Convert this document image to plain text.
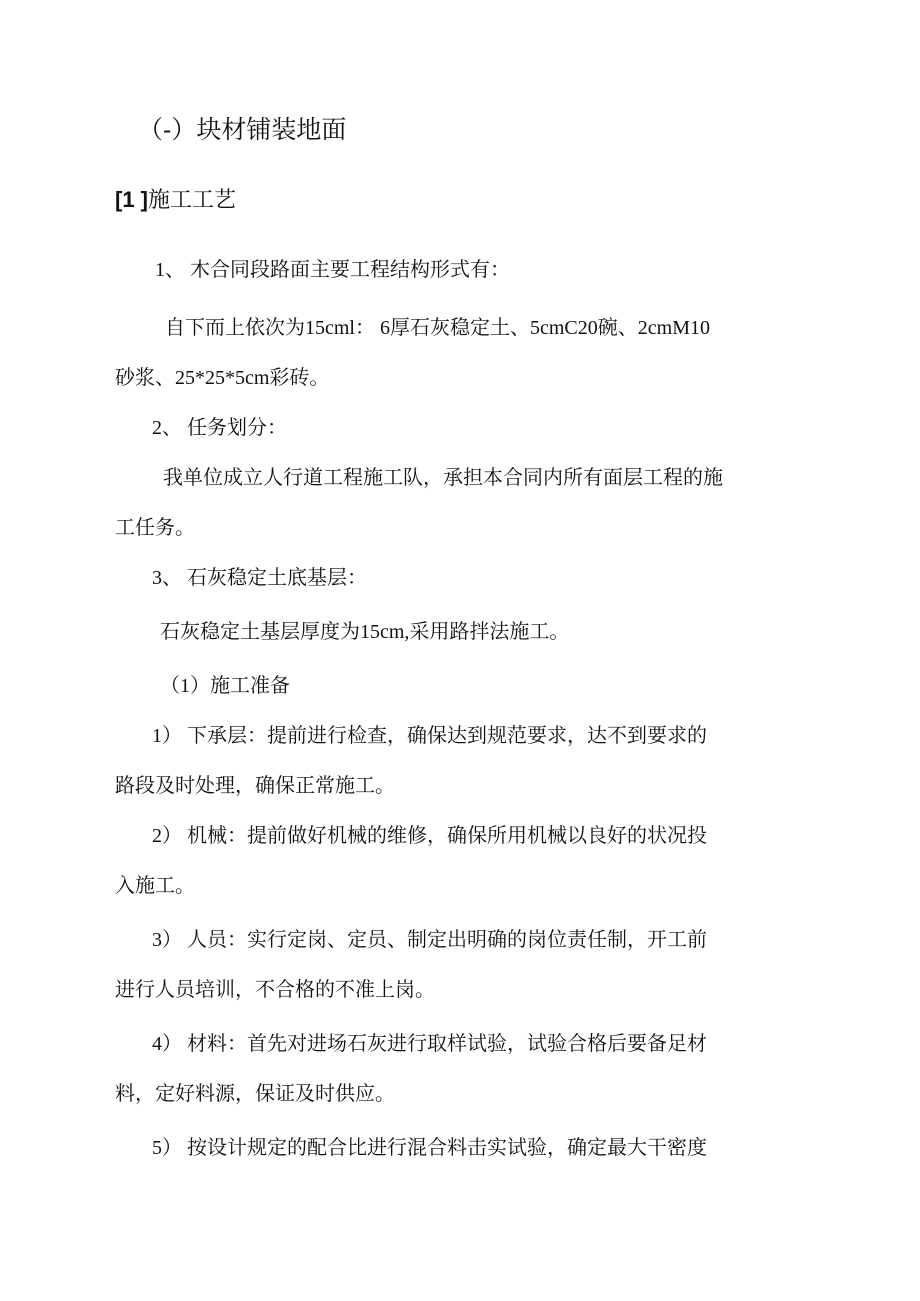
（-）块材铺装地面
[1 ]施工工艺
1、 木合同段路面主要工程结构形式有：
自下而上依次为15cml： 6厚石灰稳定土、5cmC20碗、2cmM10
砂浆、25*25*5cm彩砖。
2、 任务划分：
我单位成立人行道工程施工队，承担本合同内所有面层工程的施
工任务。
3、 石灰稳定土底基层：
石灰稳定土基层厚度为15cm,采用路拌法施工。
（1）施工准备
1） 下承层：提前进行检查，确保达到规范要求，达不到要求的
路段及时处理，确保正常施工。
2） 机械：提前做好机械的维修，确保所用机械以良好的状况投
入施工。
3） 人员：实行定岗、定员、制定出明确的岗位责任制，开工前
进行人员培训，不合格的不准上岗。
4） 材料：首先对进场石灰进行取样试验，试验合格后要备足材
料，定好料源，保证及时供应。
5） 按设计规定的配合比进行混合料击实试验，确定最大干密度
